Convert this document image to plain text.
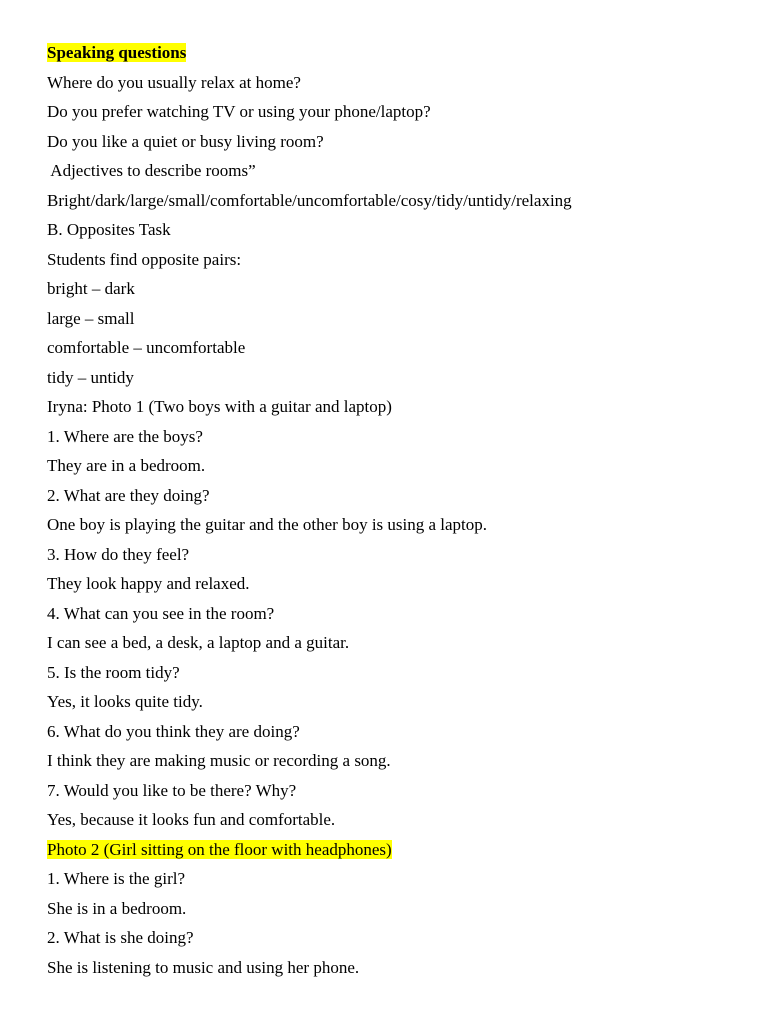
Speaking questions
Where do you usually relax at home?
Do you prefer watching TV or using your phone/laptop?
Do you like a quiet or busy living room?
Adjectives to describe rooms”
Bright/dark/large/small/comfortable/uncomfortable/cosy/tidy/untidy/relaxing
B. Opposites Task
Students find opposite pairs:
bright – dark
large – small
comfortable – uncomfortable
tidy – untidy
Iryna: Photo 1 (Two boys with a guitar and laptop)
1. Where are the boys?
They are in a bedroom.
2. What are they doing?
One boy is playing the guitar and the other boy is using a laptop.
3. How do they feel?
They look happy and relaxed.
4. What can you see in the room?
I can see a bed, a desk, a laptop and a guitar.
5. Is the room tidy?
Yes, it looks quite tidy.
6. What do you think they are doing?
I think they are making music or recording a song.
7. Would you like to be there? Why?
Yes, because it looks fun and comfortable.
Photo 2 (Girl sitting on the floor with headphones)
1. Where is the girl?
She is in a bedroom.
2. What is she doing?
She is listening to music and using her phone.
